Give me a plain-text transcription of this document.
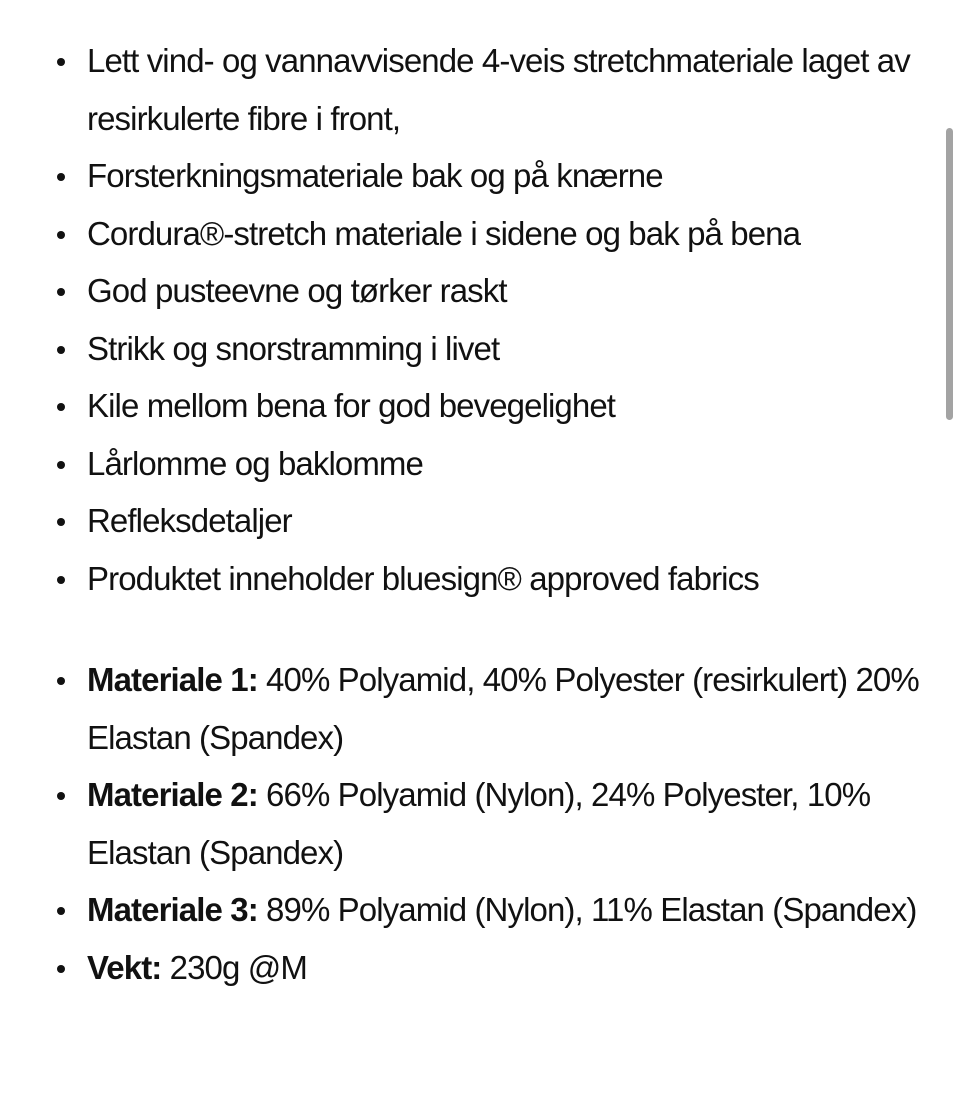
Lett vind- og vannavvisende 4-veis stretchmateriale laget av resirkulerte fibre i front,
Forsterkningsmateriale bak og på knærne
Cordura®-stretch materiale i sidene og bak på bena
God pusteevne og tørker raskt
Strikk og snorstramming i livet
Kile mellom bena for god bevegelighet
Lårlomme og baklomme
Refleksdetaljer
Produktet inneholder bluesign® approved fabrics
Materiale 1: 40% Polyamid, 40% Polyester (resirkulert) 20% Elastan (Spandex)
Materiale 2: 66% Polyamid (Nylon), 24% Polyester, 10% Elastan (Spandex)
Materiale 3: 89% Polyamid (Nylon), 11% Elastan (Spandex)
Vekt: 230g @M
